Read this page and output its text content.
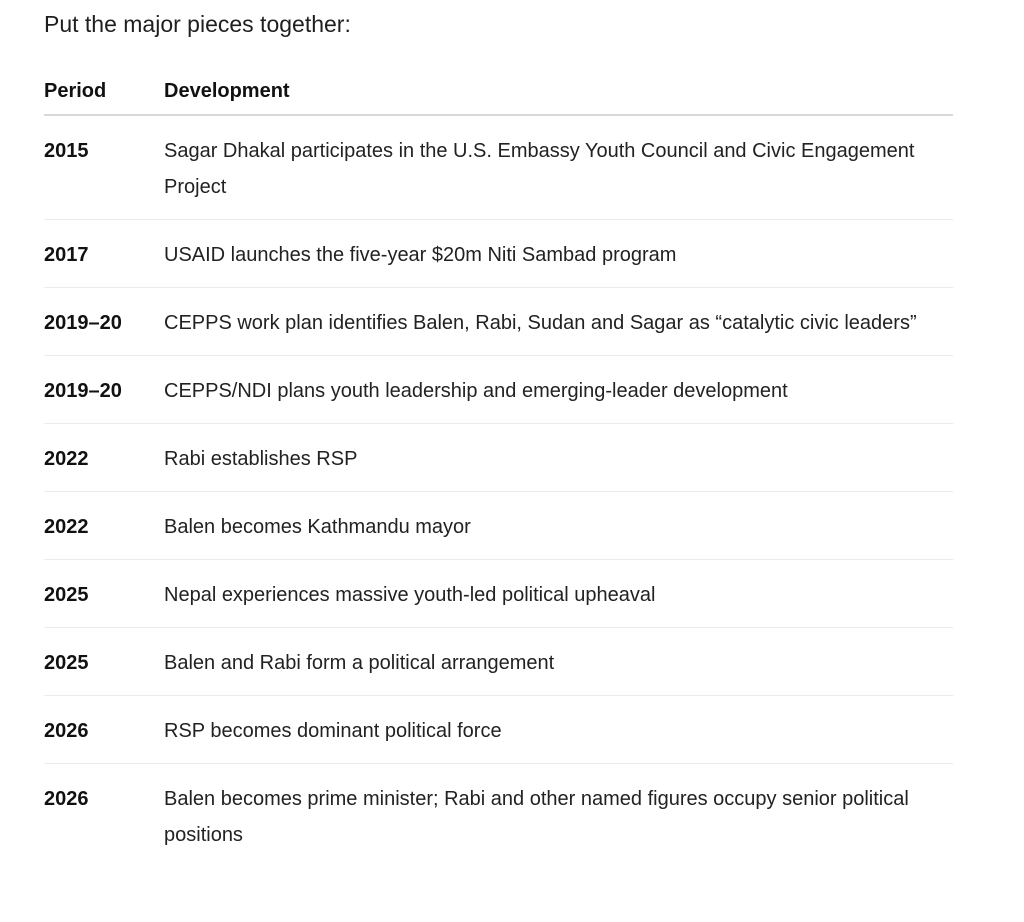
Put the major pieces together:

Period	Development
2015	Sagar Dhakal participates in the U.S. Embassy Youth Council and Civic Engagement Project
2017	USAID launches the five-year $20m Niti Sambad program
2019–20	CEPPS work plan identifies Balen, Rabi, Sudan and Sagar as “catalytic civic leaders”
2019–20	CEPPS/NDI plans youth leadership and emerging-leader development
2022	Rabi establishes RSP
2022	Balen becomes Kathmandu mayor
2025	Nepal experiences massive youth-led political upheaval
2025	Balen and Rabi form a political arrangement
2026	RSP becomes dominant political force
2026	Balen becomes prime minister; Rabi and other named figures occupy senior political positions
